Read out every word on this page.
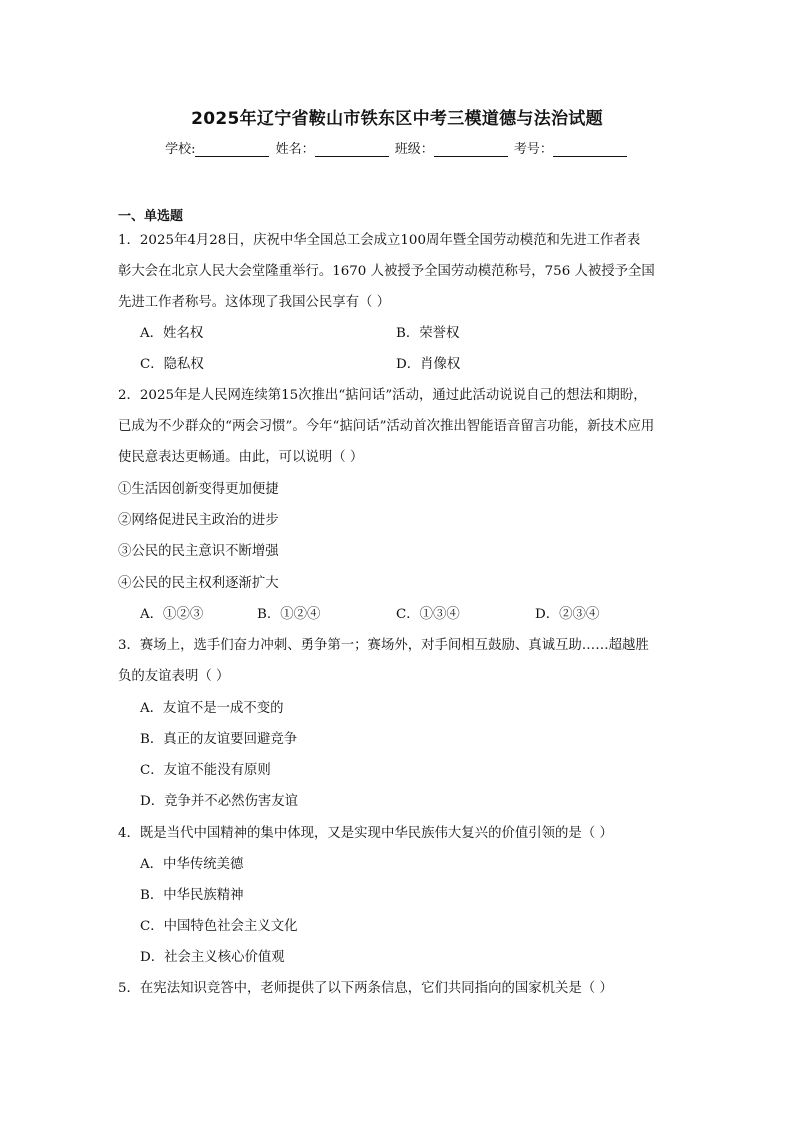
2025年辽宁省鞍山市铁东区中考三模道德与法治试题
学校:	姓名：	班级：	考号：
一、单选题
1．2025年4月28日，庆祝中华全国总工会成立100周年暨全国劳动模范和先进工作者表
彰大会在北京人民大会堂隆重举行。1670 人被授予全国劳动模范称号，756 人被授予全国
先进工作者称号。这体现了我国公民享有（ ）
A．姓名权	B．荣誉权
C．隐私权	D．肖像权
2．2025年是人民网连续第15次推出“掂问话”活动，通过此活动说说自己的想法和期盼，
已成为不少群众的“两会习惯”。今年“掂问话”活动首次推出智能语音留言功能，新技术应用
使民意表达更畅通。由此，可以说明（ ）
①生活因创新变得更加便捷
②网络促进民主政治的进步
③公民的民主意识不断增强
④公民的民主权利逐渐扩大
A．①②③	B．①②④	C．①③④	D．②③④
3．赛场上，选手们奋力冲刺、勇争第一；赛场外，对手间相互鼓励、真诚互助……超越胜
负的友谊表明（ ）
A．友谊不是一成不变的
B．真正的友谊要回避竞争
C．友谊不能没有原则
D．竞争并不必然伤害友谊
4．既是当代中国精神的集中体现，又是实现中华民族伟大复兴的价值引领的是（ ）
A．中华传统美德
B．中华民族精神
C．中国特色社会主义文化
D．社会主义核心价值观
5．在宪法知识竞答中，老师提供了以下两条信息，它们共同指向的国家机关是（ ）
